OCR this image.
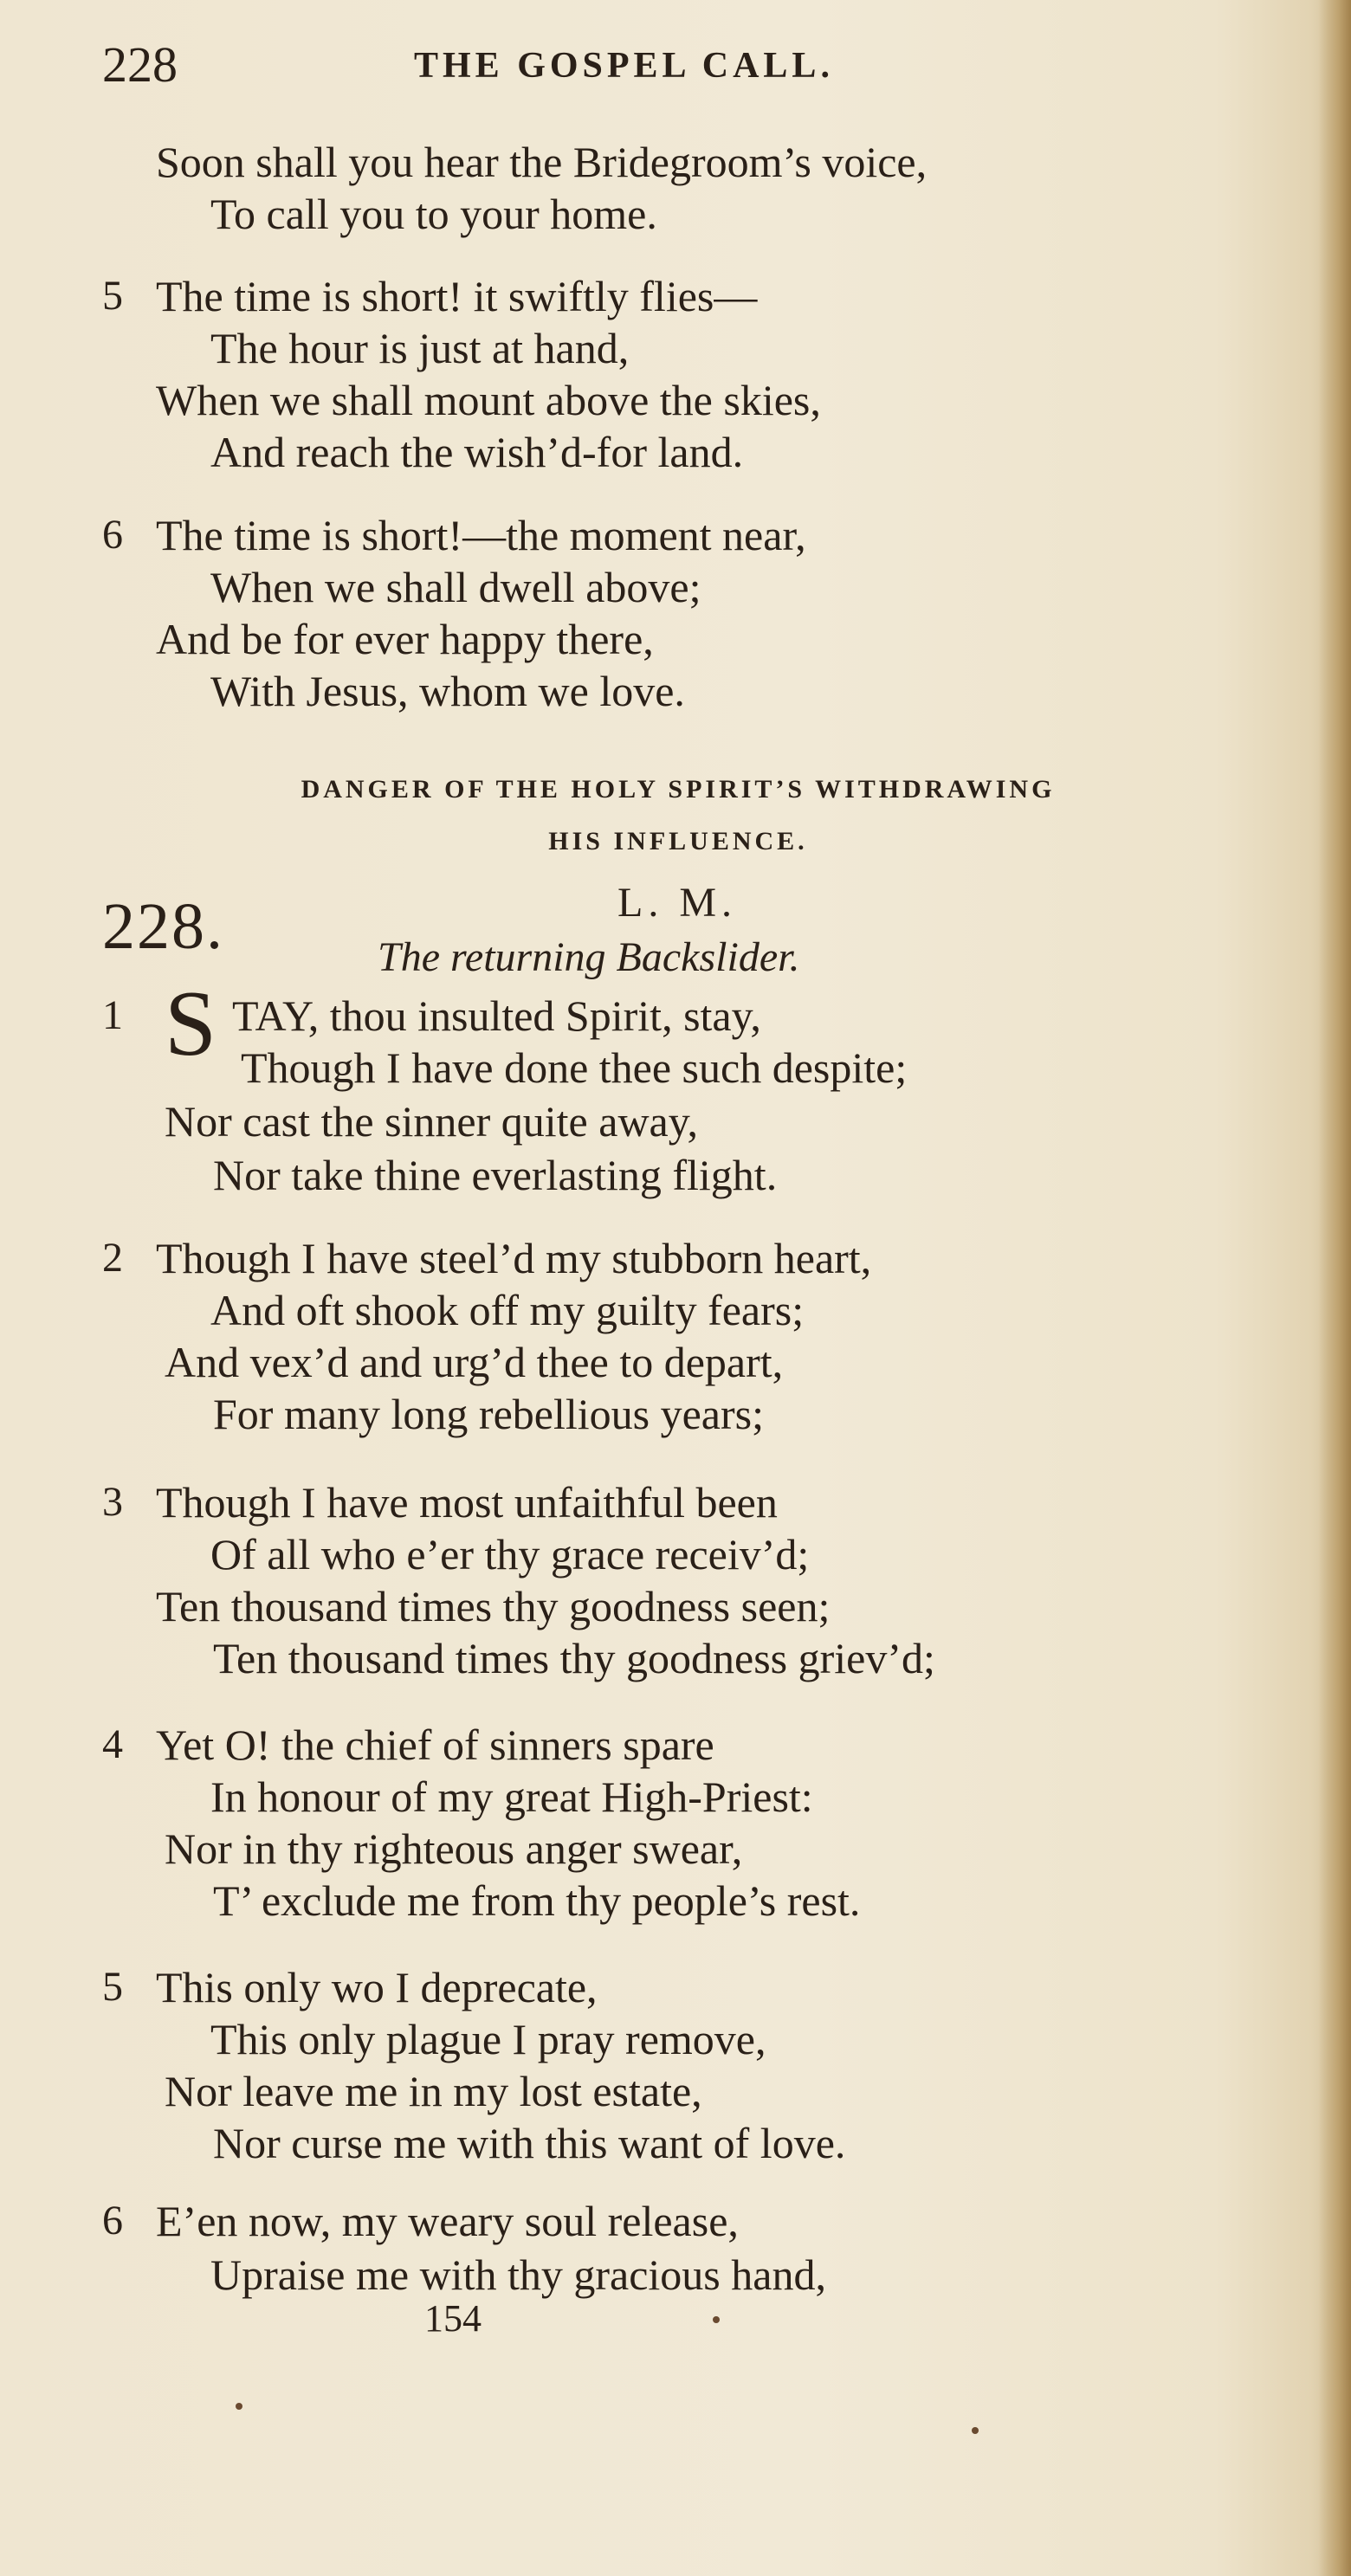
228	THE GOSPEL CALL.
Soon shall you hear the Bridegroom’s voice,
To call you to your home.
5 The time is short! it swiftly flies—
The hour is just at hand,
When we shall mount above the skies,
And reach the wish’d-for land.
6 The time is short!—the moment near,
When we shall dwell above;
And be for ever happy there,
With Jesus, whom we love.
DANGER OF THE HOLY SPIRIT’S WITHDRAWING
HIS INFLUENCE.
228.	L. M.
The returning Backslider.
1 S TAY, thou insulted Spirit, stay,
Though I have done thee such despite;
Nor cast the sinner quite away,
Nor take thine everlasting flight.
2 Though I have steel’d my stubborn heart,
And oft shook off my guilty fears;
And vex’d and urg’d thee to depart,
For many long rebellious years;
3 Though I have most unfaithful been
Of all who e’er thy grace receiv’d;
Ten thousand times thy goodness seen;
Ten thousand times thy goodness griev’d;
4 Yet O! the chief of sinners spare
In honour of my great High-Priest:
Nor in thy righteous anger swear,
T’ exclude me from thy people’s rest.
5 This only wo I deprecate,
This only plague I pray remove,
Nor leave me in my lost estate,
Nor curse me with this want of love.
6 E’en now, my weary soul release,
Upraise me with thy gracious hand,
154
